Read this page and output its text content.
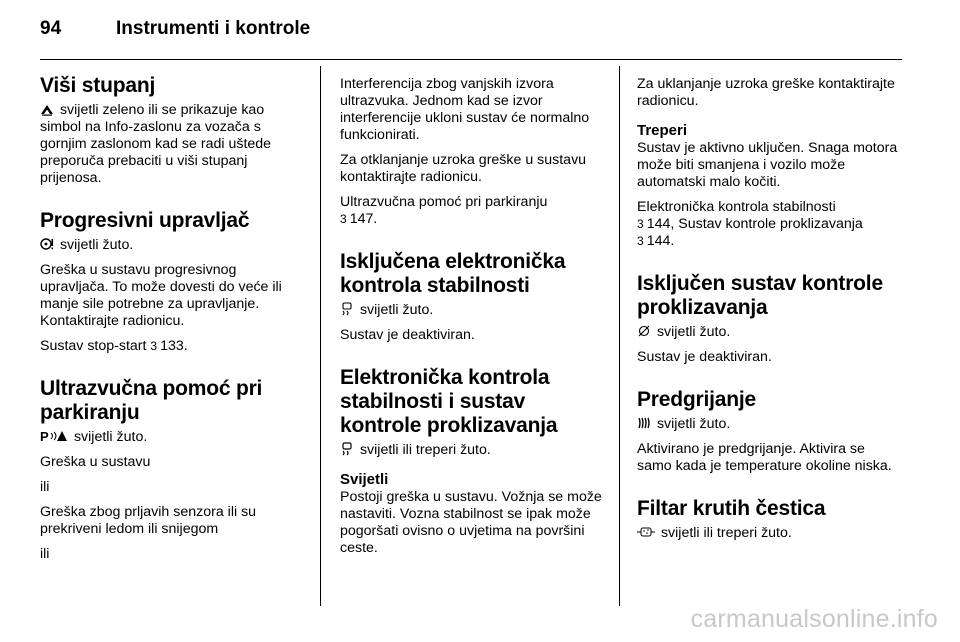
94	Instrumenti i kontrole
Viši stupanj

svijetli zeleno ili se prikazuje kao simbol na Info-zaslonu za vozača s gornjim zaslonom kad se radi uštede preporuča prebaciti u viši stupanj prijenosa.

Progresivni upravljač

svijetli žuto.

Greška u sustavu progresivnog upravljača. To može dovesti do veće ili manje sile potrebne za upravljanje. Kontaktirajte radionicu.

Sustav stop-start 3 133.

Ultrazvučna pomoć pri parkiranju

P svijetli žuto.

Greška u sustavu

ili

Greška zbog prljavih senzora ili su prekriveni ledom ili snijegom

ili

Interferencija zbog vanjskih izvora ultrazvuka. Jednom kad se izvor interferencije ukloni sustav će normalno funkcionirati.

Za otklanjanje uzroka greške u sustavu kontaktirajte radionicu.

Ultrazvučna pomoć pri parkiranju
3 147.

Isključena elektronička kontrola stabilnosti

svijetli žuto.

Sustav je deaktiviran.

Elektronička kontrola stabilnosti i sustav kontrole proklizavanja

svijetli ili treperi žuto.

Svijetli

Postoji greška u sustavu. Vožnja se može nastaviti. Vozna stabilnost se ipak može pogoršati ovisno o uvjetima na površini ceste.

Za uklanjanje uzroka greške kontaktirajte radionicu.

Treperi

Sustav je aktivno uključen. Snaga motora može biti smanjena i vozilo može automatski malo kočiti.

Elektronička kontrola stabilnosti
3 144, Sustav kontrole proklizavanja
3 144.

Isključen sustav kontrole proklizavanja

svijetli žuto.

Sustav je deaktiviran.

Predgrijanje

svijetli žuto.

Aktivirano je predgrijanje. Aktivira se samo kada je temperature okoline niska.

Filtar krutih čestica

svijetli ili treperi žuto.

carmanualsonline.info
